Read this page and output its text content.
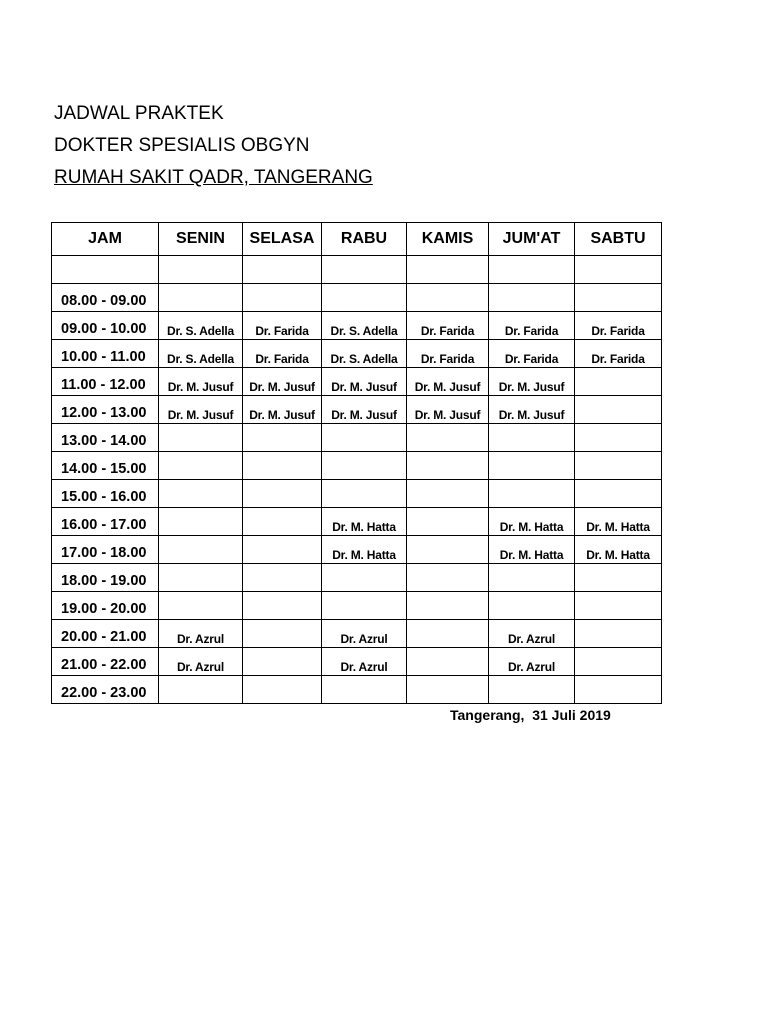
JADWAL PRAKTEK
DOKTER SPESIALIS OBGYN
RUMAH SAKIT QADR, TANGERANG
JAM	SENIN	SELASA	RABU	KAMIS	JUM'AT	SABTU

08.00 - 09.00						
09.00 - 10.00	Dr. S. Adella	Dr. Farida	Dr. S. Adella	Dr. Farida	Dr. Farida	Dr. Farida
10.00 - 11.00	Dr. S. Adella	Dr. Farida	Dr. S. Adella	Dr. Farida	Dr. Farida	Dr. Farida
11.00 - 12.00	Dr. M. Jusuf	Dr. M. Jusuf	Dr. M. Jusuf	Dr. M. Jusuf	Dr. M. Jusuf	
12.00 - 13.00	Dr. M. Jusuf	Dr. M. Jusuf	Dr. M. Jusuf	Dr. M. Jusuf	Dr. M. Jusuf	
13.00 - 14.00						
14.00 - 15.00						
15.00 - 16.00						
16.00 - 17.00			Dr. M. Hatta		Dr. M. Hatta	Dr. M. Hatta
17.00 - 18.00			Dr. M. Hatta		Dr. M. Hatta	Dr. M. Hatta
18.00 - 19.00						
19.00 - 20.00						
20.00 - 21.00	Dr. Azrul		Dr. Azrul		Dr. Azrul	
21.00 - 22.00	Dr. Azrul		Dr. Azrul		Dr. Azrul	
22.00 - 23.00						
Tangerang,  31 Juli 2019
